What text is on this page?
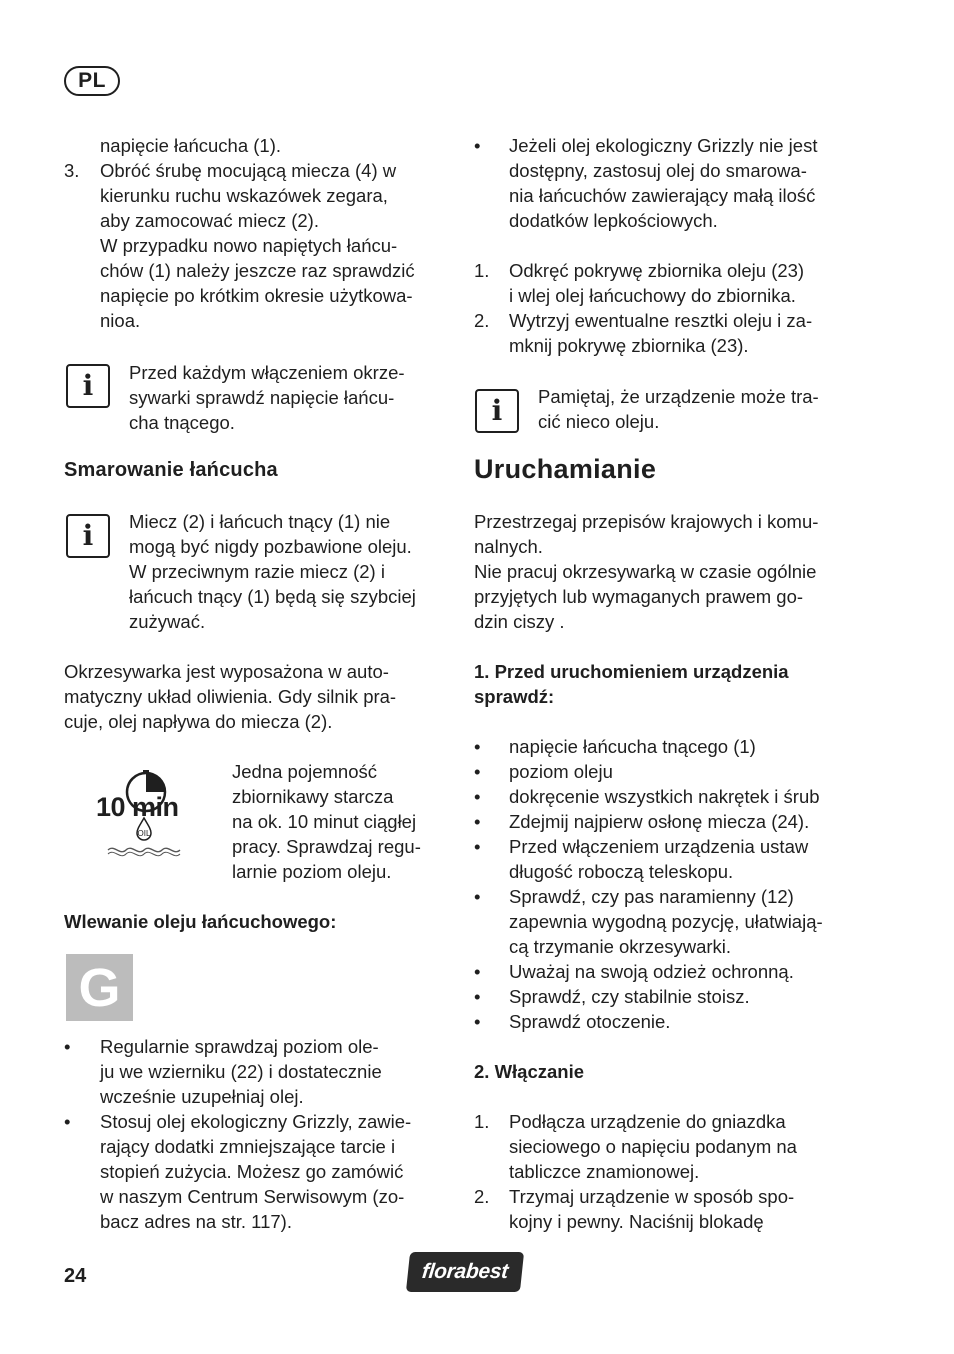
PL
napięcie łańcucha (1).
3. Obróć śrubę mocującą miecza (4) w
kierunku ruchu wskazówek zegara,
aby zamocować miecz (2).
W przypadku nowo napiętych łańcu-
chów (1) należy jeszcze raz sprawdzić
napięcie po krótkim okresie użytkowa-
nioa.
i Przed każdym włączeniem okrze-
sywarki sprawdź napięcie łańcu-
cha tnącego.
Smarowanie łańcucha
i Miecz (2) i łańcuch tnący (1) nie
mogą być nigdy pozbawione oleju.
W przeciwnym razie miecz (2) i
łańcuch tnący (1) będą się szybciej
zużywać.
Okrzesywarka jest wyposażona w auto-
matyczny układ oliwienia. Gdy silnik pra-
cuje, olej napływa do miecza (2).
OIL
10 min
Jedna pojemność
zbiornikawy starcza
na ok. 10 minut ciągłej
pracy. Sprawdzaj regu-
larnie poziom oleju.
Wlewanie oleju łańcuchowego:
G
• Regularnie sprawdzaj poziom ole-
ju we wzierniku (22) i dostatecznie
wcześnie uzupełniaj olej.
• Stosuj olej ekologiczny Grizzly, zawie-
rający dodatki zmniejszające tarcie i
stopień zużycia. Możesz go zamówić
w naszym Centrum Serwisowym (zo-
bacz adres na str. 117).
• Jeżeli olej ekologiczny Grizzly nie jest
dostępny, zastosuj olej do smarowa-
nia łańcuchów zawierający małą ilość
dodatków lepkościowych.
1. Odkręć pokrywę zbiornika oleju (23)
i wlej olej łańcuchowy do zbiornika.
2. Wytrzyj ewentualne resztki oleju i za-
mknij pokrywę zbiornika (23).
i Pamiętaj, że urządzenie może tra-
cić nieco oleju.
Uruchamianie
Przestrzegaj przepisów krajowych i komu-
nalnych.
Nie pracuj okrzesywarką w czasie ogólnie
przyjętych lub wymaganych prawem go-
dzin ciszy .
1. Przed uruchomieniem urządzenia
sprawdź:
• napięcie łańcucha tnącego (1)
• poziom oleju
• dokręcenie wszystkich nakrętek i śrub
• Zdejmij najpierw osłonę miecza (24).
• Przed włączeniem urządzenia ustaw
długość roboczą teleskopu.
• Sprawdź, czy pas naramienny (12)
zapewnia wygodną pozycję, ułatwiają-
cą trzymanie okrzesywarki.
• Uważaj na swoją odzież ochronną.
• Sprawdź, czy stabilnie stoisz.
• Sprawdź otoczenie.
2. Włączanie
1. Podłącza urządzenie do gniazdka
sieciowego o napięciu podanym na
tabliczce znamionowej.
2. Trzymaj urządzenie w sposób spo-
kojny i pewny. Naciśnij blokadę
24	florabest
